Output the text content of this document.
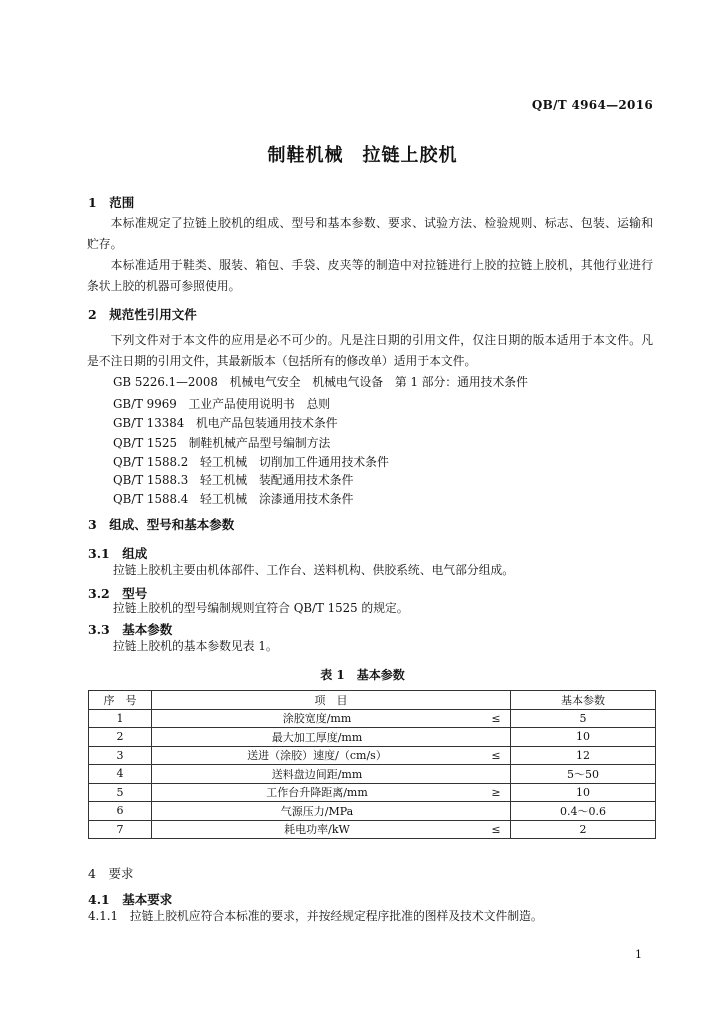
QB/T 4964—2016
制鞋机械　拉链上胶机
1　范围
本标准规定了拉链上胶机的组成、型号和基本参数、要求、试验方法、检验规则、标志、包装、运输和贮存。
本标准适用于鞋类、服装、箱包、手袋、皮夹等的制造中对拉链进行上胶的拉链上胶机，其他行业进行条状上胶的机器可参照使用。
2　规范性引用文件
下列文件对于本文件的应用是必不可少的。凡是注日期的引用文件，仅注日期的版本适用于本文件。凡是不注日期的引用文件，其最新版本（包括所有的修改单）适用于本文件。
GB 5226.1—2008　机械电气安全　机械电气设备　第 1 部分：通用技术条件
GB/T 9969　工业产品使用说明书　总则
GB/T 13384　机电产品包装通用技术条件
QB/T 1525　制鞋机械产品型号编制方法
QB/T 1588.2　轻工机械　切削加工件通用技术条件
QB/T 1588.3　轻工机械　装配通用技术条件
QB/T 1588.4　轻工机械　涂漆通用技术条件
3　组成、型号和基本参数
3.1　组成
拉链上胶机主要由机体部件、工作台、送料机构、供胶系统、电气部分组成。
3.2　型号
拉链上胶机的型号编制规则宜符合 QB/T 1525 的规定。
3.3　基本参数
拉链上胶机的基本参数见表 1。
表 1　基本参数
序　号	项　目		基本参数
1	涂胶宽度/mm	≤	5
2	最大加工厚度/mm		10
3	送进（涂胶）速度/（cm/s）	≤	12
4	送料盘边间距/mm		5～50
5	工作台升降距离/mm	≥	10
6	气源压力/MPa		0.4～0.6
7	耗电功率/kW	≤	2
4　要求
4.1　基本要求
4.1.1　拉链上胶机应符合本标准的要求，并按经规定程序批准的图样及技术文件制造。
1
